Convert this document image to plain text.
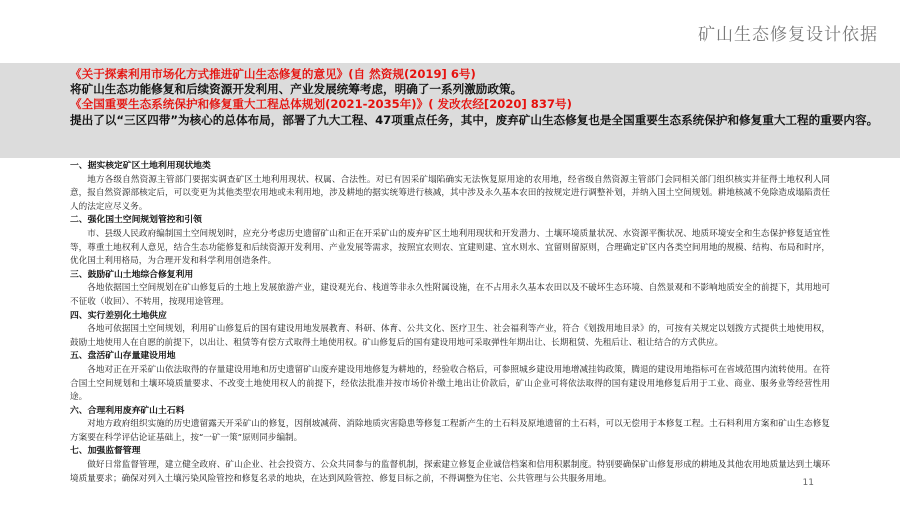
矿山生态修复设计依据
《关于探索利用市场化方式推进矿山生态修复的意见》(自 然资规(2019] 6号)
将矿山生态功能修复和后续资源开发利用、产业发展统筹考虑，明确了一系列激励政策。
《全国重要生态系统保护和修复重大工程总体规划(2021-2035年)》( 发改农经[2020] 837号)
提出了以“三区四带”为核心的总体布局，部署了九大工程、47项重点任务，其中，废弃矿山生态修复也是全国重要生态系统保护和修复重大工程的重要内容。
一、据实核定矿区土地利用现状地类

地方各级自然资源主管部门要据实调查矿区土地利用现状、权属、合法性。对已有因采矿塌陷确实无法恢复原用途的农用地，经省级自然资源主管部门会同相关部门组织核实并征得土地权利人同意，报自然资源部核定后，可以变更为其他类型农用地或未利用地，涉及耕地的据实统筹进行核减，其中涉及永久基本农田的按规定进行调整补划，并纳入国土空间规划。耕地核减不免除造成塌陷责任人的法定应尽义务。

二、强化国土空间规划管控和引领

市、县级人民政府编制国土空间规划时，应充分考虑历史遗留矿山和正在开采矿山的废弃矿区土地利用现状和开发潜力、土壤环境质量状况、水资源平衡状况、地质环境安全和生态保护修复适宜性等，尊重土地权利人意见，结合生态功能修复和后续资源开发利用、产业发展等需求，按照宜农则农、宜建则建、宜水则水、宜留则留原则，合理确定矿区内各类空间用地的规模、结构、布局和时序，优化国土利用格局，为合理开发和科学利用创造条件。

三、鼓励矿山土地综合修复利用

各地依据国土空间规划在矿山修复后的土地上发展旅游产业，建设观光台、栈道等非永久性附属设施，在不占用永久基本农田以及不破坏生态环境、自然景观和不影响地质安全的前提下，其用地可不征收（收回）、不转用，按现用途管理。

四、实行差别化土地供应

各地可依据国土空间规划，利用矿山修复后的国有建设用地发展教育、科研、体育、公共文化、医疗卫生、社会福利等产业，符合《划拨用地目录》的，可按有关规定以划拨方式提供土地使用权，鼓励土地使用人在自愿的前提下，以出让、租赁等有偿方式取得土地使用权。矿山修复后的国有建设用地可采取弹性年期出让、长期租赁、先租后让、租让结合的方式供应。

五、盘活矿山存量建设用地

各地对正在开采矿山依法取得的存量建设用地和历史遗留矿山废弃建设用地修复为耕地的，经验收合格后，可参照城乡建设用地增减挂钩政策，腾退的建设用地指标可在省域范围内流转使用。在符合国土空间规划和土壤环境质量要求、不改变土地使用权人的前提下，经依法批准并按市场价补缴土地出让价款后，矿山企业可将依法取得的国有建设用地修复后用于工业、商业、服务业等经营性用途。

六、合理利用废弃矿山土石料

对地方政府组织实施的历史遗留露天开采矿山的修复，因削坡减荷、消除地质灾害隐患等修复工程新产生的土石料及原地遗留的土石料，可以无偿用于本修复工程。土石料利用方案和矿山生态修复方案要在科学评估论证基础上，按“一矿一策”原则同步编制。

七、加强监督管理

做好日常监督管理，建立健全政府、矿山企业、社会投资方、公众共同参与的监督机制，探索建立修复企业诚信档案和信用积累制度。特别要确保矿山修复形成的耕地及其他农用地质量达到土壤环境质量要求；确保对列入土壤污染风险管控和修复名录的地块，在达到风险管控、修复目标之前，不得调整为住宅、公共管理与公共服务用地。	11
